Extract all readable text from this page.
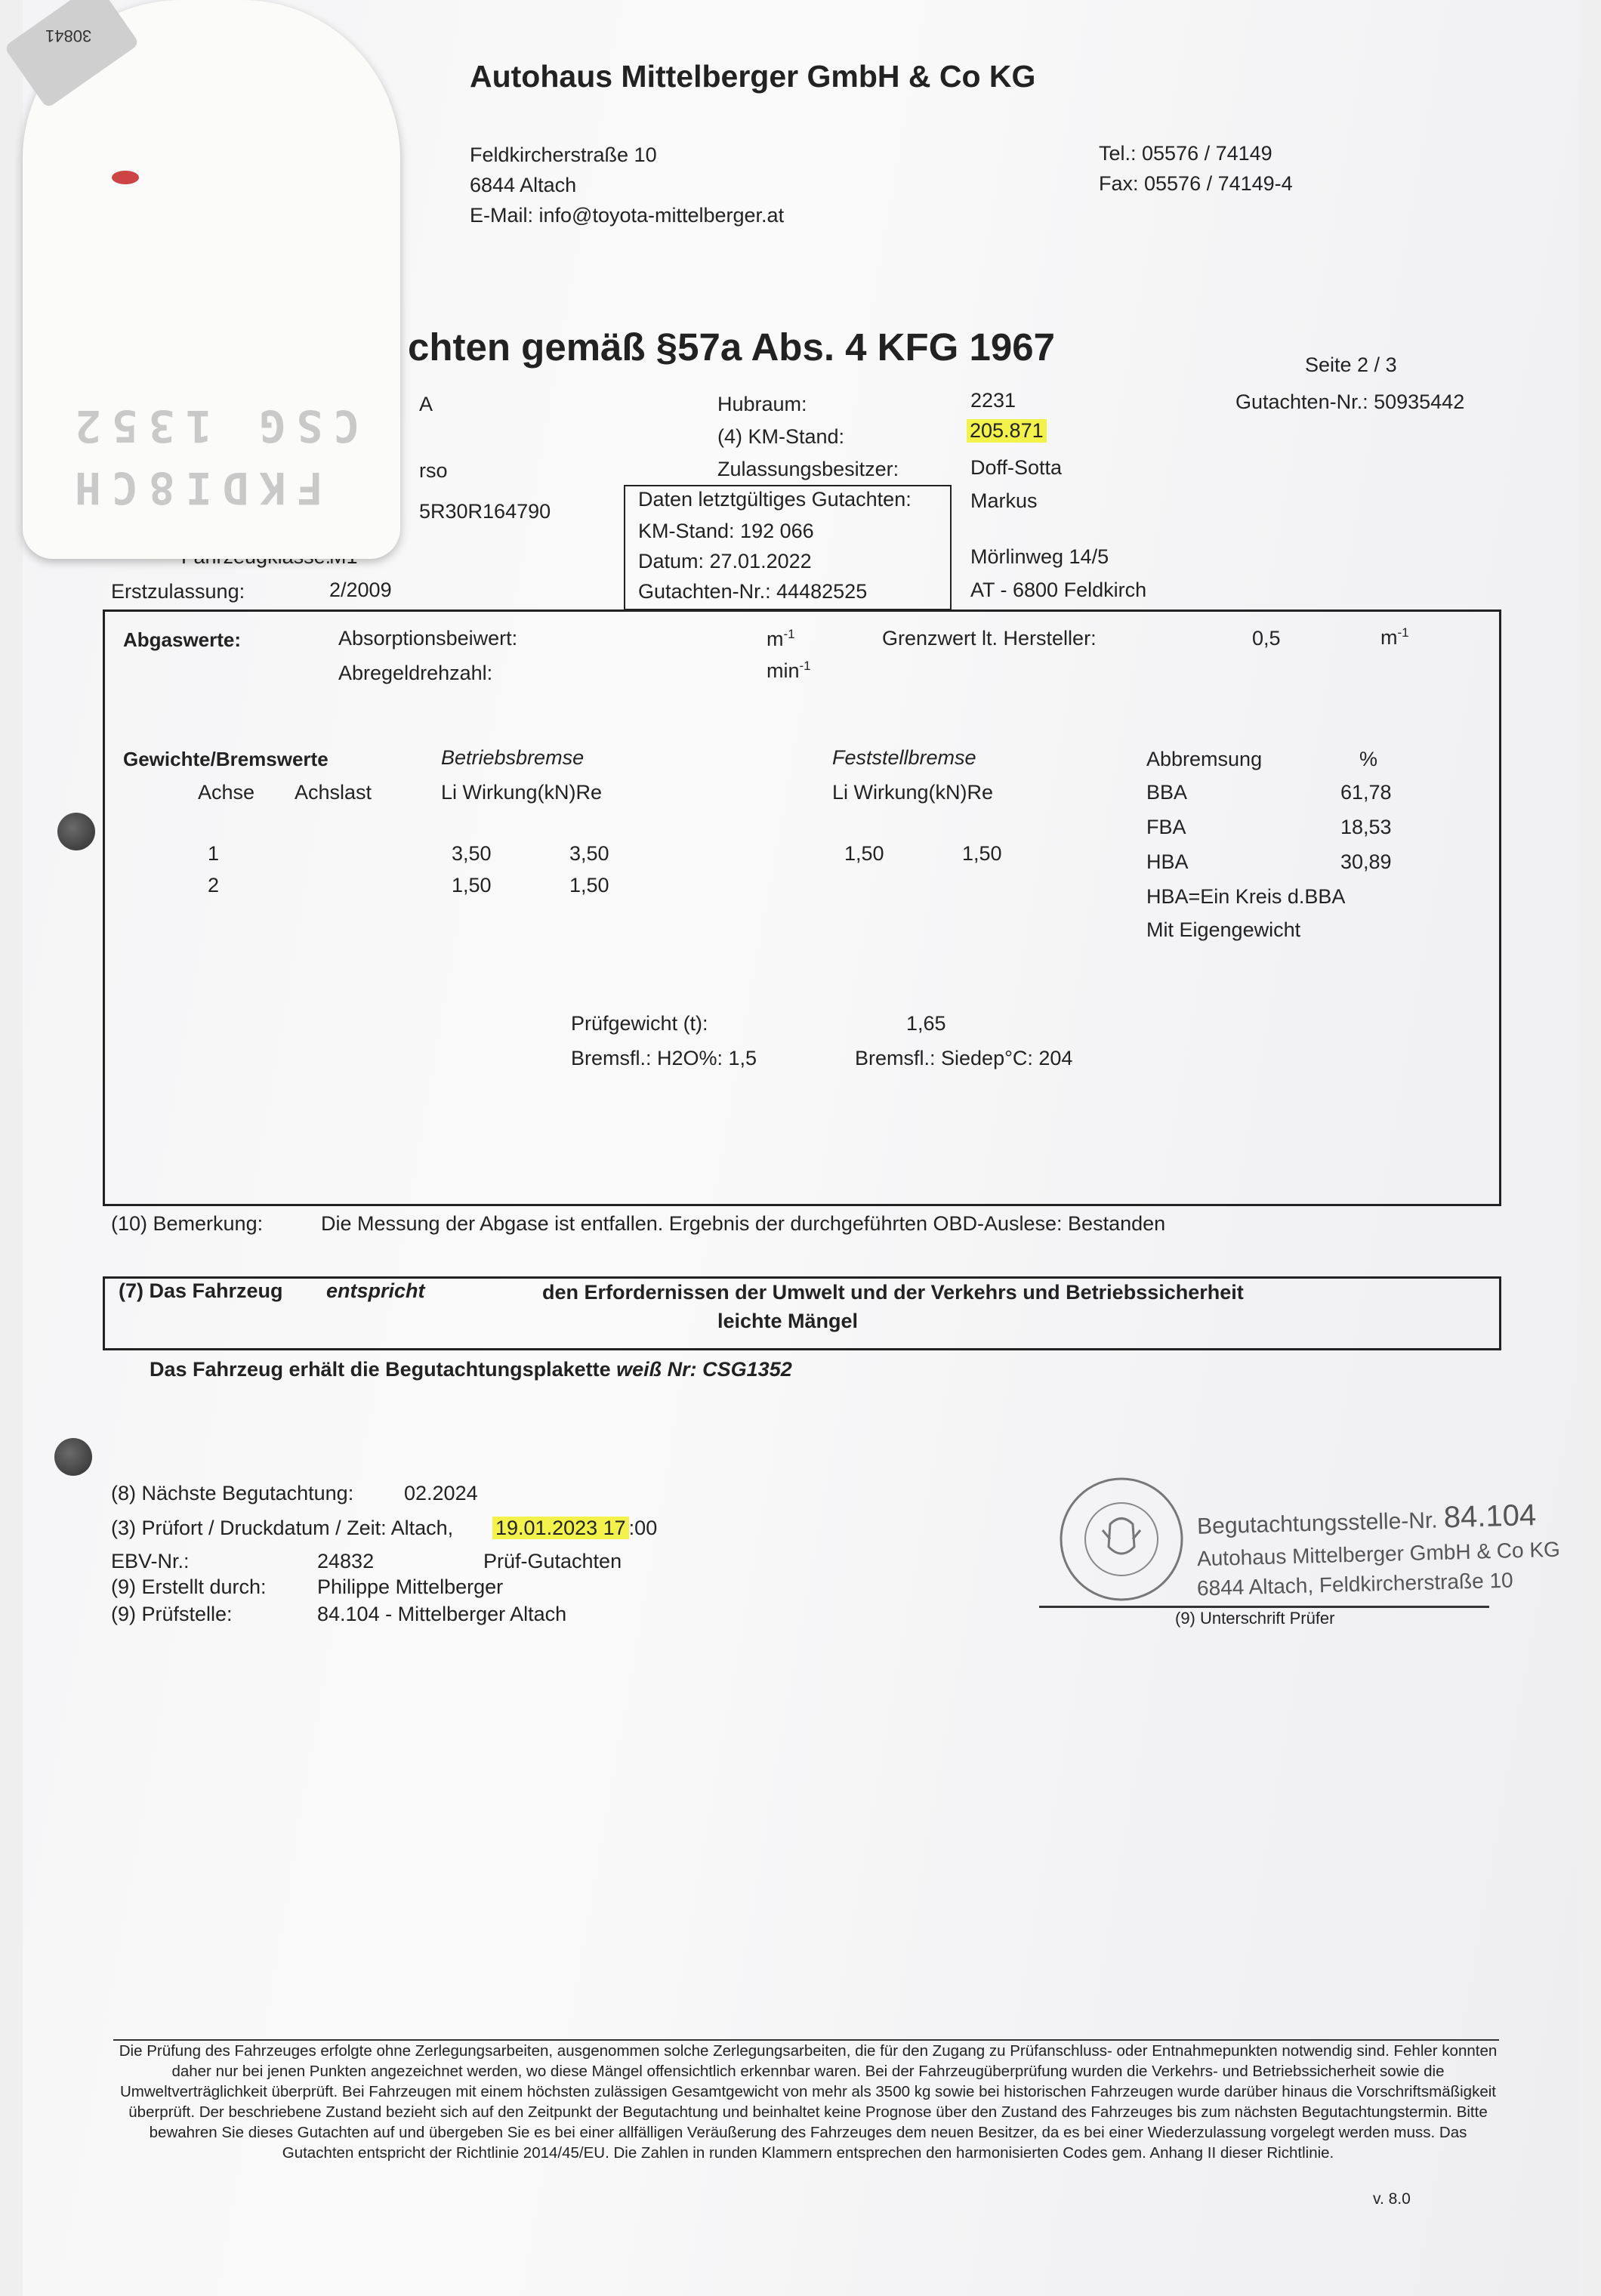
Autohaus Mittelberger GmbH & Co KG
Feldkircherstraße 10
6844 Altach
E-Mail: info@toyota-mittelberger.at
Tel.: 05576 / 74149
Fax: 05576 / 74149-4
chten gemäß §57a Abs. 4 KFG 1967	Seite 2 / 3
Gutachten-Nr.: 50935442
A
rso
5R30R164790
Erstzulassung:	2/2009
Hubraum:	2231
(4) KM-Stand:	205.871
Zulassungsbesitzer:	Doff-Sotta
Markus
Mörlinweg 14/5
AT - 6800 Feldkirch
Daten letztgültiges Gutachten:
KM-Stand: 192 066
Datum: 27.01.2022
Gutachten-Nr.: 44482525
Abgaswerte:	Absorptionsbeiwert:	$m^{-1}$
Abregeldrehzahl:	$\min^{-1}$
Grenzwert lt. Hersteller:	0,5	$m^{-1}$
Gewichte/Bremswerte
Achse Achslast
Betriebsbremse
Li Wirkung(kN)Re
Feststellbremse
Li Wirkung(kN)Re
Abbremsung	%
1	3,50	3,50	1,50	1,50
2	1,50	1,50
BBA	61,78
FBA	18,53
HBA	30,89
HBA=Ein Kreis d.BBA
Mit Eigengewicht
Prüfgewicht (t):	1,65
Bremsfl.: H2O%: 1,5	Bremsfl.: Siedep°C: 204
(10) Bemerkung:	Die Messung der Abgase ist entfallen. Ergebnis der durchgeführten OBD-Auslese: Bestanden
(7) Das Fahrzeug entspricht	den Erfordernissen der Umwelt und der Verkehrs und Betriebssicherheit
leichte Mängel
Das Fahrzeug erhält die Begutachtungsplakette weiß Nr: CSG1352
(8) Nächste Begutachtung: 02.2024
(3) Prüfort / Druckdatum / Zeit: Altach, 19.01.2023 17 :00
EBV-Nr.:	24832	Prüf-Gutachten
(9) Erstellt durch: Philippe Mittelberger
(9) Prüfstelle:	84.104 - Mittelberger Altach
Begutachtungsstelle-Nr. 84.104
Autohaus Mittelberger GmbH & Co KG
6844 Altach, Feldkircherstraße 10
(9) Unterschrift Prüfer
Die Prüfung des Fahrzeuges erfolgte ohne Zerlegungsarbeiten, ausgenommen solche Zerlegungsarbeiten, die für den Zugang zu Prüfanschluss- oder Entnahmepunkten notwendig sind. Fehler konnten daher nur bei jenen Punkten angezeichnet werden, wo diese Mängel offensichtlich erkennbar waren. Bei der Fahrzeugüberprüfung wurden die Verkehrs- und Betriebssicherheit sowie die Umweltverträglichkeit überprüft. Bei Fahrzeugen mit einem höchsten zulässigen Gesamtgewicht von mehr als 3500 kg sowie bei historischen Fahrzeugen wurde darüber hinaus die Vorschriftsmäßigkeit überprüft. Der beschriebene Zustand bezieht sich auf den Zeitpunkt der Begutachtung und beinhaltet keine Prognose über den Zustand des Fahrzeuges bis zum nächsten Begutachtungstermin. Bitte bewahren Sie dieses Gutachten auf und übergeben Sie es bei einer allfälligen Veräußerung des Fahrzeuges dem neuen Besitzer, da es bei einer Wiederzulassung vorgelegt werden muss. Das Gutachten entspricht der Richtlinie 2014/45/EU. Die Zahlen in runden Klammern entsprechen den harmonisierten Codes gem. Anhang II dieser Richtlinie.
v. 8.0
30841
CSG 1352
FKDI8CH
